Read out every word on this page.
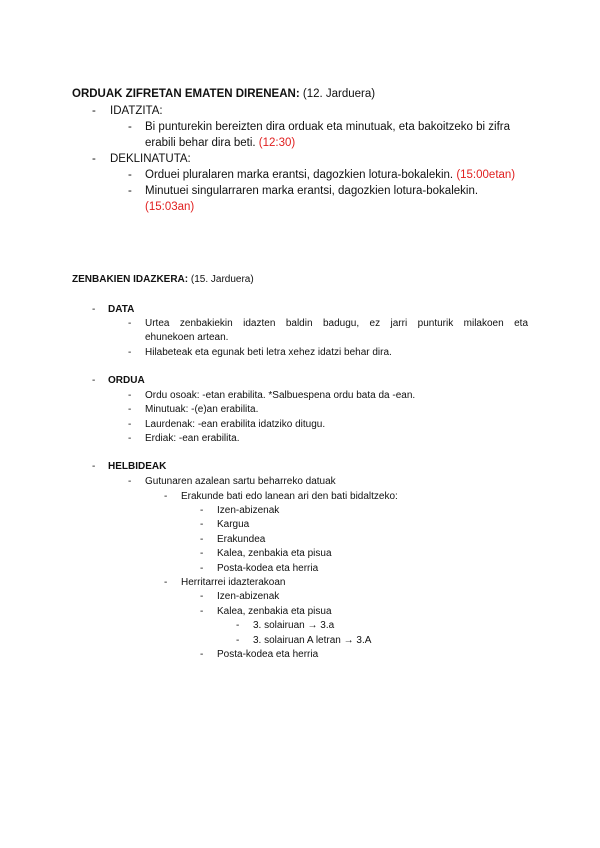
ORDUAK ZIFRETAN EMATEN DIRENEAN: (12. Jarduera)
- IDATZITA:
- Bi punturekin bereizten dira orduak eta minutuak, eta bakoitzeko bi zifra
erabili behar dira beti. (12:30)
- DEKLINATUTA:
- Orduei pluralaren marka erantsi, dagozkien lotura-bokalekin. (15:00etan)
- Minutuei singularraren marka erantsi, dagozkien lotura-bokalekin.
(15:03an)
ZENBAKIEN IDAZKERA: (15. Jarduera)
- DATA
- Urtea zenbakiekin idazten baldin badugu, ez jarri punturik milakoen eta
ehunekoen artean.
- Hilabeteak eta egunak beti letra xehez idatzi behar dira.
- ORDUA
- Ordu osoak: -etan erabilita. *Salbuespena ordu bata da -ean.
- Minutuak: -(e)an erabilita.
- Laurdenak: -ean erabilita idatziko ditugu.
- Erdiak: -ean erabilita.
- HELBIDEAK
- Gutunaren azalean sartu beharreko datuak
- Erakunde bati edo lanean ari den bati bidaltzeko:
- Izen-abizenak
- Kargua
- Erakundea
- Kalea, zenbakia eta pisua
- Posta-kodea eta herria
- Herritarrei idazterakoan
- Izen-abizenak
- Kalea, zenbakia eta pisua
- 3. solairuan → 3.a
- 3. solairuan A letran → 3.A
- Posta-kodea eta herria
